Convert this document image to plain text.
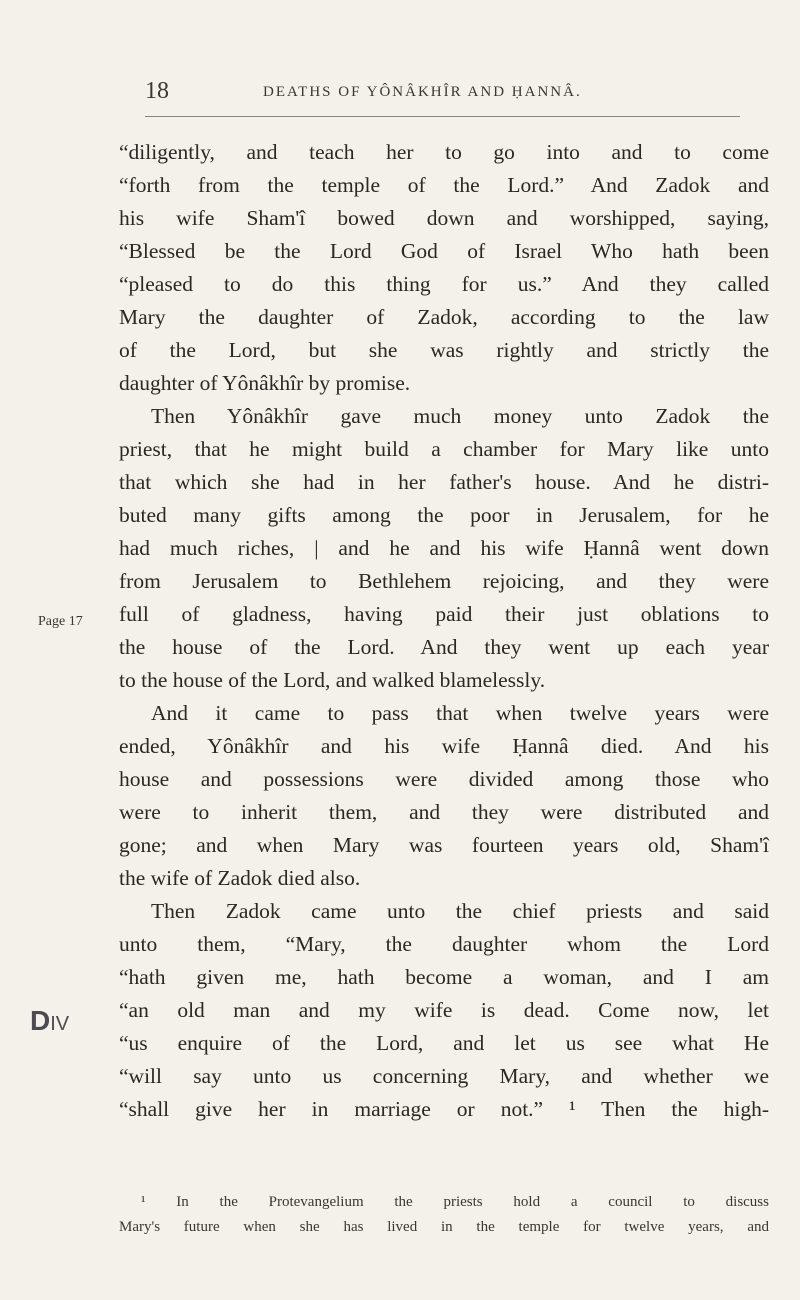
18	DEATHS OF YÔNÂKHÎR AND ḤANNÂ.
Page 17
DIV
“diligently, and teach her to go into and to come
“forth from the temple of the Lord.” And Zadok and
his wife Sham'î bowed down and worshipped, saying,
“Blessed be the Lord God of Israel Who hath been
“pleased to do this thing for us.” And they called
Mary the daughter of Zadok, according to the law
of the Lord, but she was rightly and strictly the
daughter of Yônâkhîr by promise.
Then Yônâkhîr gave much money unto Zadok the
priest, that he might build a chamber for Mary like unto
that which she had in her father's house. And he distri-
buted many gifts among the poor in Jerusalem, for he
had much riches, | and he and his wife Ḥannâ went down
from Jerusalem to Bethlehem rejoicing, and they were
full of gladness, having paid their just oblations to
the house of the Lord. And they went up each year
to the house of the Lord, and walked blamelessly.
And it came to pass that when twelve years were
ended, Yônâkhîr and his wife Ḥannâ died. And his
house and possessions were divided among those who
were to inherit them, and they were distributed and
gone; and when Mary was fourteen years old, Sham'î
the wife of Zadok died also.
Then Zadok came unto the chief priests and said
unto them, “Mary, the daughter whom the Lord
“hath given me, hath become a woman, and I am
“an old man and my wife is dead. Come now, let
“us enquire of the Lord, and let us see what He
“will say unto us concerning Mary, and whether we
“shall give her in marriage or not.” ¹ Then the high-
¹ In the Protevangelium the priests hold a council to discuss
Mary's future when she has lived in the temple for twelve years, and
